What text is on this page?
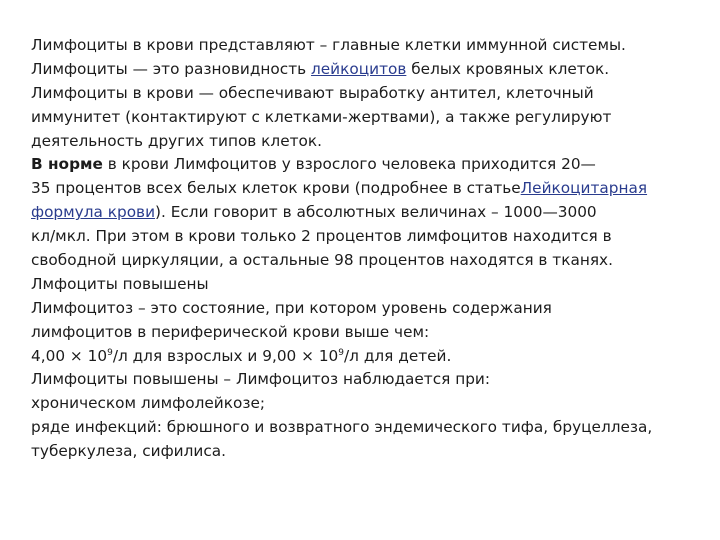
Лимфоциты в крови представляют – главные клетки иммунной системы.
Лимфоциты — это разновидность лейкоцитов белых кровяных клеток.
Лимфоциты в крови — обеспечивают выработку антител, клеточный
иммунитет (контактируют с клетками-жертвами), а также регулируют
деятельность других типов клеток.
В норме в крови Лимфоцитов у взрослого человека приходится 20—
35 процентов всех белых клеток крови (подробнее в статьеЛейкоцитарная
формула крови). Если говорит в абсолютных величинах – 1000—3000
кл/мкл. При этом в крови только 2 процентов лимфоцитов находится в
свободной циркуляции, а остальные 98 процентов находятся в тканях.
Лмфоциты повышены
Лимфоцитоз – это состояние, при котором уровень содержания
лимфоцитов в периферической крови выше чем:
$4,00 \times 10^9/л$ для взрослых и $9,00 \times 10^9/л$ для детей.
Лимфоциты повышены – Лимфоцитоз наблюдается при:
хроническом лимфолейкозе;
ряде инфекций: брюшного и возвратного эндемического тифа, бруцеллеза,
туберкулеза, сифилиса.
